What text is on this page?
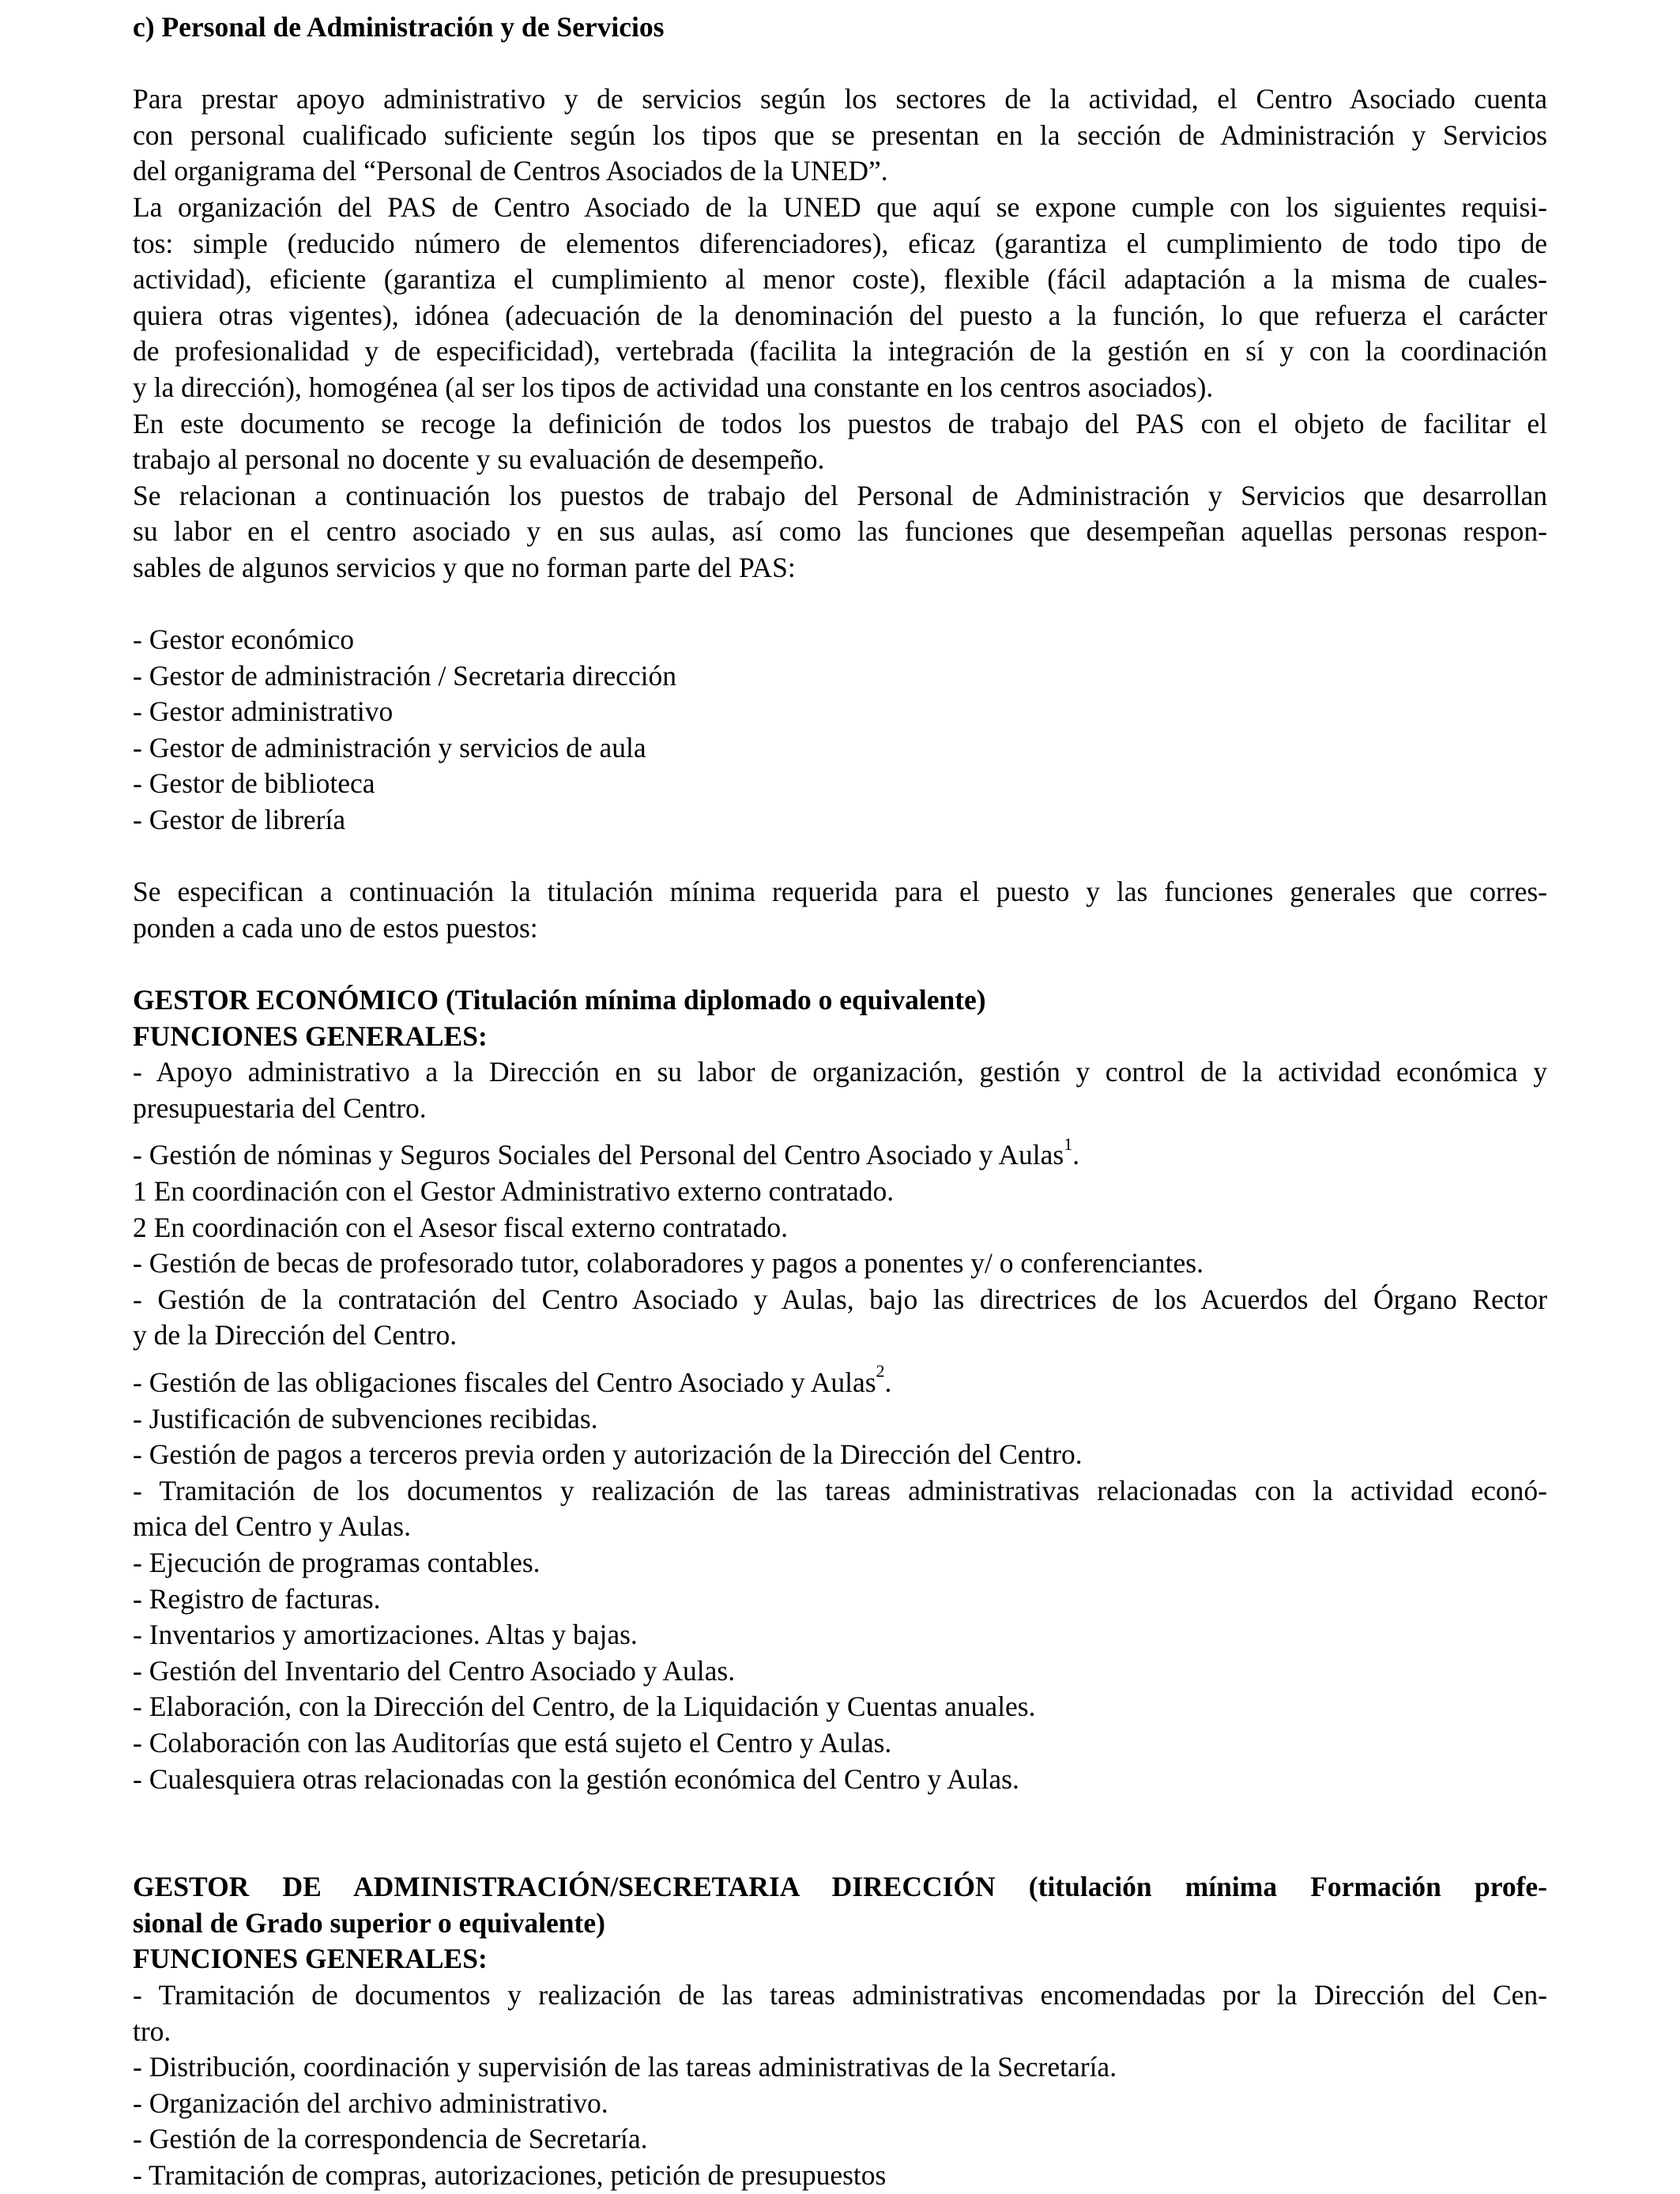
c) Personal de Administración y de Servicios

Para prestar apoyo administrativo y de servicios según los sectores de la actividad, el Centro Asociado cuenta

con personal cualificado suficiente según los tipos que se presentan en la sección de Administración y Servicios

del organigrama del “Personal de Centros Asociados de la UNED”.

La organización del PAS de Centro Asociado de la UNED que aquí se expone cumple con los siguientes requisi-

tos: simple (reducido número de elementos diferenciadores), eficaz (garantiza el cumplimiento de todo tipo de

actividad), eficiente (garantiza el cumplimiento al menor coste), flexible (fácil adaptación a la misma de cuales-

quiera otras vigentes), idónea (adecuación de la denominación del puesto a la función, lo que refuerza el carácter

de profesionalidad y de especificidad), vertebrada (facilita la integración de la gestión en sí y con la coordinación

y la dirección), homogénea (al ser los tipos de actividad una constante en los centros asociados).

En este documento se recoge la definición de todos los puestos de trabajo del PAS con el objeto de facilitar el

trabajo al personal no docente y su evaluación de desempeño.

Se relacionan a continuación los puestos de trabajo del Personal de Administración y Servicios que desarrollan

su labor en el centro asociado y en sus aulas, así como las funciones que desempeñan aquellas personas respon-

sables de algunos servicios y que no forman parte del PAS:

- Gestor económico

- Gestor de administración / Secretaria dirección

- Gestor administrativo

- Gestor de administración y servicios de aula

- Gestor de biblioteca

- Gestor de librería

Se especifican a continuación la titulación mínima requerida para el puesto y las funciones generales que corres-

ponden a cada uno de estos puestos:

GESTOR ECONÓMICO (Titulación mínima diplomado o equivalente)

FUNCIONES GENERALES:

- Apoyo administrativo a la Dirección en su labor de organización, gestión y control de la actividad económica y

presupuestaria del Centro.

- Gestión de nóminas y Seguros Sociales del Personal del Centro Asociado y Aulas$^1$.

1 En coordinación con el Gestor Administrativo externo contratado.

2 En coordinación con el Asesor fiscal externo contratado.

- Gestión de becas de profesorado tutor, colaboradores y pagos a ponentes y/ o conferenciantes.

- Gestión de la contratación del Centro Asociado y Aulas, bajo las directrices de los Acuerdos del Órgano Rector

y de la Dirección del Centro.

- Gestión de las obligaciones fiscales del Centro Asociado y Aulas$^2$.

- Justificación de subvenciones recibidas.

- Gestión de pagos a terceros previa orden y autorización de la Dirección del Centro.

- Tramitación de los documentos y realización de las tareas administrativas relacionadas con la actividad econó-

mica del Centro y Aulas.

- Ejecución de programas contables.

- Registro de facturas.

- Inventarios y amortizaciones. Altas y bajas.

- Gestión del Inventario del Centro Asociado y Aulas.

- Elaboración, con la Dirección del Centro, de la Liquidación y Cuentas anuales.

- Colaboración con las Auditorías que está sujeto el Centro y Aulas.

- Cualesquiera otras relacionadas con la gestión económica del Centro y Aulas.

GESTOR DE ADMINISTRACIÓN/SECRETARIA DIRECCIÓN (titulación mínima Formación profe-

sional de Grado superior o equivalente)

FUNCIONES GENERALES:

- Tramitación de documentos y realización de las tareas administrativas encomendadas por la Dirección del Cen-

tro.

- Distribución, coordinación y supervisión de las tareas administrativas de la Secretaría.

- Organización del archivo administrativo.

- Gestión de la correspondencia de Secretaría.

- Tramitación de compras, autorizaciones, petición de presupuestos
